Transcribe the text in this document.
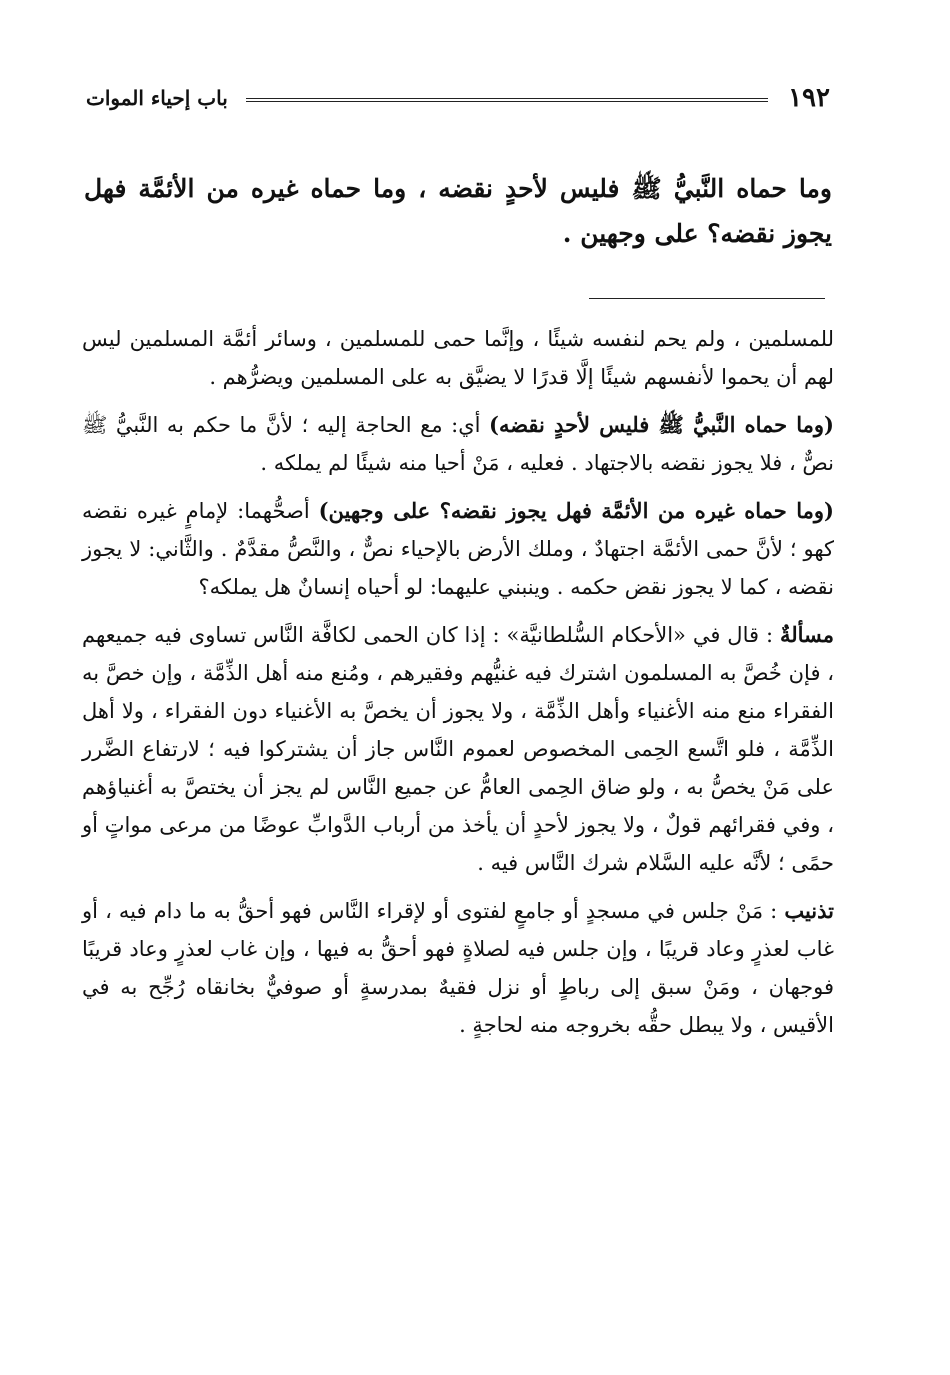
١٩٢
باب إحياء الموات
وما حماه النَّبيُّ ﷺ فليس لأحدٍ نقضه ، وما حماه غيره من الأئمَّة فهل يجوز نقضه؟ على وجهين .

للمسلمين ، ولم يحم لنفسه شيئًا ، وإنَّما حمى للمسلمين ، وسائر أئمَّة المسلمين ليس لهم أن يحموا لأنفسهم شيئًا إلَّا قدرًا لا يضيَّق به على المسلمين ويضرُّهم .

(وما حماه النَّبيُّ ﷺ فليس لأحدٍ نقضه) أي: مع الحاجة إليه ؛ لأنَّ ما حكم به النَّبيُّ ﷺ نصٌّ ، فلا يجوز نقضه بالاجتهاد . فعليه ، مَنْ أحيا منه شيئًا لم يملكه .

(وما حماه غيره من الأئمَّة فهل يجوز نقضه؟ على وجهين) أصحُّهما: لإمامٍ غيره نقضه كهو ؛ لأنَّ حمى الأئمَّة اجتهادٌ ، وملك الأرض بالإحياء نصٌّ ، والنَّصُّ مقدَّمٌ . والثَّاني: لا يجوز نقضه ، كما لا يجوز نقض حكمه . وينبني عليهما: لو أحياه إنسانٌ هل يملكه؟

مسألةٌ : قال في «الأحكام السُّلطانيَّة» : إذا كان الحمى لكافَّة النَّاس تساوى فيه جميعهم ، فإن خُصَّ به المسلمون اشترك فيه غنيُّهم وفقيرهم ، ومُنع منه أهل الذِّمَّة ، وإن خصَّ به الفقراء منع منه الأغنياء وأهل الذِّمَّة ، ولا يجوز أن يخصَّ به الأغنياء دون الفقراء ، ولا أهل الذِّمَّة ، فلو اتَّسع الحِمى المخصوص لعموم النَّاس جاز أن يشتركوا فيه ؛ لارتفاع الضَّرر على مَنْ يخصُّ به ، ولو ضاق الحِمى العامُّ عن جميع النَّاس لم يجز أن يختصَّ به أغنياؤهم ، وفي فقرائهم قولٌ ، ولا يجوز لأحدٍ أن يأخذ من أرباب الدَّوابِّ عوضًا من مرعى مواتٍ أو حمًى ؛ لأنَّه عليه السَّلام شرك النَّاس فيه .

تذنيب : مَنْ جلس في مسجدٍ أو جامعٍ لفتوى أو لإقراء النَّاس فهو أحقُّ به ما دام فيه ، أو غاب لعذرٍ وعاد قريبًا ، وإن جلس فيه لصلاةٍ فهو أحقُّ به فيها ، وإن غاب لعذرٍ وعاد قريبًا فوجهان ، ومَنْ سبق إلى رباطٍ أو نزل فقيهٌ بمدرسةٍ أو صوفيٌّ بخانقاه رُجِّح به في الأقيس ، ولا يبطل حقُّه بخروجه منه لحاجةٍ .
